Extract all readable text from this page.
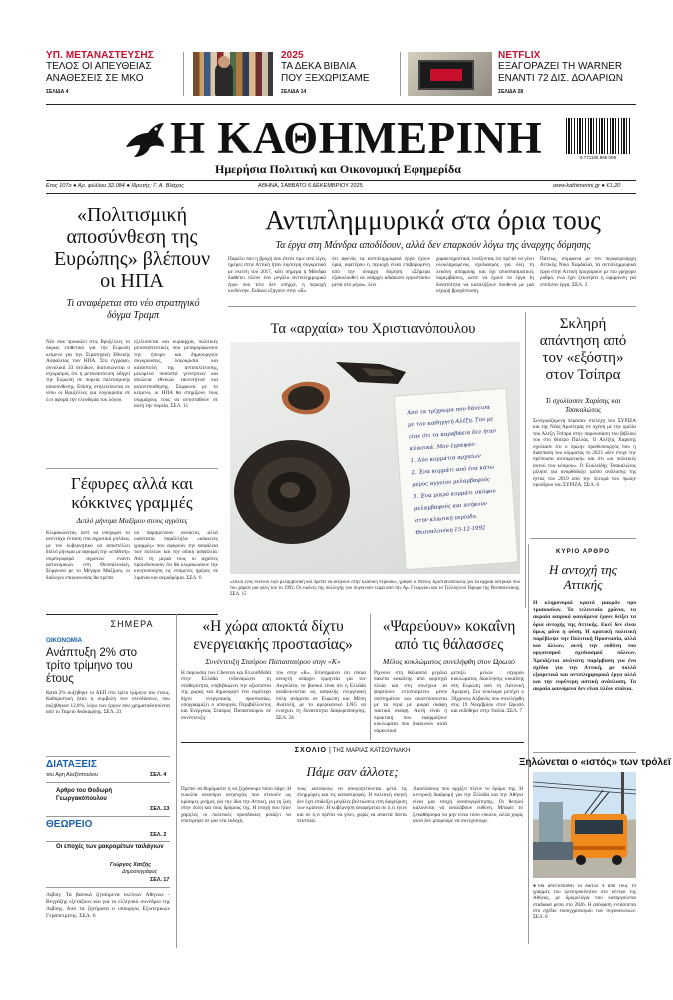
ΥΠ. ΜΕΤΑΝΑΣΤΕΥΣΗΣ
ΤΕΛΟΣ ΟΙ ΑΠΕΥΘΕΙΑΣ
ΑΝΑΘΕΣΕΙΣ ΣΕ ΜΚΟ
ΣΕΛΙΔΑ 4
2025
ΤΑ ΔΕΚΑ ΒΙΒΛΙΑ
ΠΟΥ ΞΕΧΩΡΙΣΑΜΕ
ΣΕΛΙΔΑ 14
NETFLIX
ΕΞΑΓΟΡΑΖΕΙ ΤΗ WARNER
ΕΝΑΝΤΙ 72 ΔΙΣ. ΔΟΛΑΡΙΩΝ
ΣΕΛΙΔΑ 28
Η ΚΑΘΗΜΕΡΙΝΗ
Ημερήσια Πολιτική και Οικονομική Εφημερίδα
9 771105 896 009
Ετος 107ο ● Αρ. φύλλου 32.084 ● Ιδρυτής: Γ. Α. Βλάχος	ΑΘΗΝΑ, ΣΑΒΒΑΤΟ 6 ΔΕΚΕΜΒΡΙΟΥ 2025	www.kathimerini.gr ● €1,20
«Πολιτισμική αποσύνθεση της Ευρώπης» βλέπουν οι ΗΠΑ
Τι αναφέρεται στο νέο στρατηγικό δόγμα Τραμπ
Νέο σοκ προκαλεί στις Βρυξέλλες το άκρως επιθετικό για την Ευρώπη κείμενο για την Στρατηγική Εθνικής Ασφαλείας των ΗΠΑ. Στο έγγραφο, συνολικά 33 σελίδων, διατυπώνεται ο ισχυρισμός ότι η μετανάστευση οδηγεί την Ευρώπη σε πορεία πολιτισμικής αποσύνθεσης. Επίσης στηλιτεύονται εκ νέου οι Βρυξέλλες για λογοκρισία σε ό,τι αφορά την ελευθερία του λόγου.
εξελίσσεται και κυριαρχία, πολιτικές μεταναστευτικές που μεταμορφώνουν την ήπειρο και δημιουργούν συγκρούσεις, λογοκρισία και καταστολή της αντιπολίτευσης, μειωμένα ποσοστά γεννήσεων και απώλεια εθνικών ταυτοτήτων και αυτοπεποίθησης. Σύμφωνα με το κείμενο, οι ΗΠΑ θα στηρίξουν τους συμμάχους τους να αντισταθούν σε αυτή την πορεία. ΣΕΛ. 11
Γέφυρες αλλά και κόκκινες γραμμές
Διπλό μήνυμα Μαξίμου στους αγρότες
Κλιμακώνεται, αντί να υποχωρεί το ανένταχο ένταση στα αγροτικά μπλόκα, με τον κυβερνητικό να αποστέλλει διπλό μήνυμα με αφορμή την «επίθεση» συμπεριφορά αγροτών έναντι αστυνομικών στη Θεσσαλονίκη. Σύμφωνα με το Μέγαρο Μαξίμου, οι διάλογοι επικοινωνίας θα πρέπει
να παραμείνουν ανοικτοί, αλλά υφίσταται παράλληλα «κόκκινες γραμμές» που αφορούν την ασφάλεια των πολιτών και την οδική ασφάλεια. Από τη μεριά τους οι αγρότες προειδοποιούν ότι θα κλιμακώσουν την κινητοποίηση τις επόμενες ημέρες σε λιμάνια και αεροδρόμια. ΣΕΛ. 6
Αντιπλημμυρικά στα όρια τους
Τα έργα στη Μάνδρα αποδίδουν, αλλά δεν επαρκούν λόγω της άναρχης δόμησης
Παρόλο που η βροχή που έπεσε πριν από λίγες ημέρες στην Αττική ήταν λιγότερη συγκριτικά με εκείνη του 2017, κάτι σήμερα η Μάνδρα διαθέτει πλέον ένα μεγάλο αντιπλημμυρικό έργο που τότε δεν υπήρχε, η περιοχή κινδύνεψε. Ειδικοί εξηγούν στην «Κ»
ότι αφενός τα αντιπλημμυρικά έργα έχουν όρια, αφετέρου η περιοχή είναι επιβαρυμένη από την άναρχη δόμηση. «Σήμερα εξακολουθεί να υπάρχει αδιάκοπο εργοστάσιο μέσα στο ρέμα», λέει
χαρακτηριστικά, τονίζοντας ότι πρέπει να γίνει ολοκληρωμένος σχεδιασμός για όλη τη λεκάνη απορροής και όχι αποσπασματικές παρεμβάσεις, ώστε να έχουν τα έργα τη δυνατότητα να καταλήξουν πουθενά με μια ισχυρή βροχόπτωση.
Πάντως, σύμφωνα με τον περιφερειάρχη Αττικής Νίκο Χαρδαλιά, τα αντιπλημμυρικά έργα στην Αττική προχωρούν με πιο γρήγορο ρυθμό, ενώ έχει ξεκινήσει η ωρίμανση για επιπλέον έργα. ΣΕΛ. 3
Τα «αρχαία» του Χριστιανόπουλου
Από τα τρίχρωμα που δάνεισα
με τον καθηγητή Αλέξη. Του με
είπε ότι τα καραβάκια δεν ήταν
κλασικά. Μου έγραψαν:
1. Δύο κομμάτια αρχαίων
2. Ένα κομμάτι από ένα κάτω
μέρος αγγείου μελαμβαφούς
3. Ένα μικρό κομμάτι σκύφου
μελαμβαφούς και ανήκουν
στην κλασική περίοδο.
Θεσσαλονίκη 15-12-1992
«Πίλοι ενός εκείνου λίγο μελαμβοειδή και πρέπει να ανήκουν στην κλασική περίοδο», γράφει ο Ντίνος Χριστιανόπουλος για τα αρχαία όστρακα που του χάρισε μια φίλη του το 1992. Οι εικόνες της συλλογής του συγκινούν τώρα από την Αρ. Γεωργίου και το Τελλόγλειο Ίδρυμα της Θεσσαλονίκης. ΣΕΛ. 15
Σκληρή απάντηση από τον «εξόστη» στον Τσίπρα
Τι σχολίασαν Χαρίσης και Τσακαλώτος
Συνεργαζόμενη πέρασαν στελέχη του ΣΥΡΙΖΑ και της Νέας Αριστεράς σε σχέση με την ομιλία του Αλέξη Τσίπρα στην παρουσίαση του βιβλίου του στο θέατρο Παλλάς. Ο Αλέξης Χαρίσης σχολίασε ότι ο πρώην πρωθυπουργός που η διάσπαση του κόμματος το 2023 «δεν έτυχε την πρέπουσα αυτοκριτική» και ότι «οι πολιτικές αυτού του κόσμου». Ο Ευκλείδης Τσακαλώτος μίλησε για ανορθόδοξο τρόπο ανάλυσης της ήττας του 2019 από την πλευρά του πρώην προέδρου του ΣΥΡΙΖΑ. ΣΕΛ. 6
ΚΥΡΙΟ ΑΡΘΡΟ
Η αντοχή της Αττικής
Η κληρονομιά κρατά μακράν προ τριακοσίων. Τα τελευταία χρόνια, τα ακραία καιρικά φαινόμενα έχουν δείξει τα όρια αντοχής της Αττικής. Εκεί δεν είναι όμως μόνο η φύση. Η κρατική πολιτική παρέβλεψε την Πολιτική Προστασία, αλλά και άλλων, αυτή την ευθύνη του οργανισμού σχεδιασμού πόλεων. Χρειάζεται ανώτατη παρέμβαση για ένα σχέδιο για την Αττική, με πολλά εξαιρετικά και αντιπλημμυρικά έργα αλλά και την ευρύτερη αστική ανάπλαση. Τα ακραία φαινόμενα δεν είναι πλέον σπάνια.
ΣΗΜΕΡΑ
ΟΙΚΟΝΟΜΙΑ
Ανάπτυξη 2% στο τρίτο τρίμηνο του έτους
Κατά 2% αυξήθηκε το ΑΕΠ στο τρίτο τρίμηνο του έτους. Καθοριστική ήταν η συμβολή των επενδύσεων, που αυξήθηκαν 12,8%, λόγω των έργων που χρηματοδοτούνται από το Ταμείο Ανάκαμψης. ΣΕΛ. 23
ΔΙΑΤΑΞΕΙΣ
του Αρη Αλεξόπουλου	ΣΕΛ. 4
Αρθρο του Θοδωρή Γεωργακόπουλου
ΣΕΛ. 13
ΘΕΩΡΕΙΟ
ΣΕΛ. 2
Οι εποχές των μακρομέτων ταιλάγιων
Γιώργος Χατζής
Δημοσιογράφος
ΣΕΛ. 17
Λιβύη: Τα βασικά ζητούμενα εκείνων Αθηνών - Βεγγάζης εξετάζουν και για το ελληνικό συνέδριο της Λιβύης. Από τα ζητήματα ο υπουργός Εξωτερικών Γεράπετρίτης. ΣΕΛ. 6
«Η χώρα αποκτά δίχτυ ενεργειακής προστασίας»
Συνέντευξη Σταύρου Παπασταύρου στην «Κ»
Η παρουσία των Chevron και ExxonMobil στην Ελλάδα ενδυναμώνει τη σταθερότητα, επιβεβαιώνει την αξιοπιστία της χώρας και δημιουργεί ένα ευρύτερο δίχτυ ενεργειακής προστασίας, υπογραμμίζει ο υπουργός Περιβάλλοντος και Ενέργειας Σταύρος Παπασταύρου σε συνέντευξη
του στην «Κ». Επισημαίνει ότι όποια ανοιχτή υπάρχει ερμηνεία για τον Αυγούστα, το βασικό είναι ότι η Ελλάδα αναδεικνύεται ως ασφαλής ενεργειακή πύλη ανάμεσα σε Ευρώπη και Μέση Ανατολή, με το αμερικανικό LNG να ενισχύει τη δυνατότητα διαφοροποίησης. ΣΕΛ. 24
«Ψαρεύουν» κοκαΐνη από τις θάλασσες
Μέλος κυκλώματος συνελήφθη στον Ωρωπό
Ρίχνουν στη θάλασσα μεγάλα πακέτα κοκαΐνης από φορτηγά πλοία και στη συνέχεια τα ψαρεύουν εντοπισμένοι μέσω συστημάτων και αναπτύσσονται με τα νερά με μικρά σκάφη τακτικά σκάφη. Αυτή είναι η πρακτική που εφαρμόζουν κυκλώματα που διακινούν αυτά ναρκωτικά
μεταξύ μελών ισχυρού κυκλώματος διακίνησης κοκαΐνης στη Ευρώπη από τη Λατινική Αμερική. Στο κύκλωμα μετέχει ο 39χρονος Αλβανός που συνελήφθη στις 19 Νοεμβρίου στον Ωρωπό και εκδόθηκε στην Ιταλία. ΣΕΛ. 7
ΣΧΟΛΙΟ | ΤΗΣ ΜΑΡΙΑΣ ΚΑΤΣΟΥΝΑΚΗ
Πάμε σαν άλλοτε;
Πρέπει να θυμόμαστε ή να ξεχάσουμε πόσο πάμε; Η ευκολία ανασύρει ανησυχίες που στεκούν ως κρίσιμες μνήμες για την ίδια την Αττική, για τη ζωή στην πόλη και τους δρόμους της. Η εποχή που ήταν χαμηλές οι πολιτικές προσδοκίες μοιάζει να επιστρέφει σε μια νέα εκδοχή.
τους κατοίκους να απογοητεύονται μετά τις πλημμύρες και τις καταστροφές. Η πολιτική σκηνή δεν έχει επιδείξει μεγάλες βελτιώσεις στη διαχείριση των κρίσεων. Η κυβέρνηση αναφέρεται σε ό,τι έγινε και σε ό,τι πρέπει να γίνει, χωρίς να απαντά πάντα πειστικά.
Λαοπλάσιος που αρχίζει πλέον το δρόμο της. Η κεντρική διαδρομή για την Ελλάδα και την Αθήνα είναι μια εποχή ανασυγκρότησης. Οι θεσμοί καλούνται να αναλάβουν ευθύνη. Μπορεί το ξεκαθάρισμα να μην είναι τόσο εύκολο, αλλά χωρίς αυτό δεν μπορούμε να συνεχίσουμε.
Ξηλώνεται ο «ιστός» των τρόλεϊ
●Θα απεντοπισθεί το δίκτυο 4 από τους 19 γραμμές του ηλεκτροκίνητου στο κέντρο της Αθήνας, με δρομολόγια που καταργούνται σταδιακά μέσα στο 2026. Η απόφαση εντάσσεται στο σχέδιο εκσυγχρονισμού των συγκοινωνιών. ΣΕΛ. 8
